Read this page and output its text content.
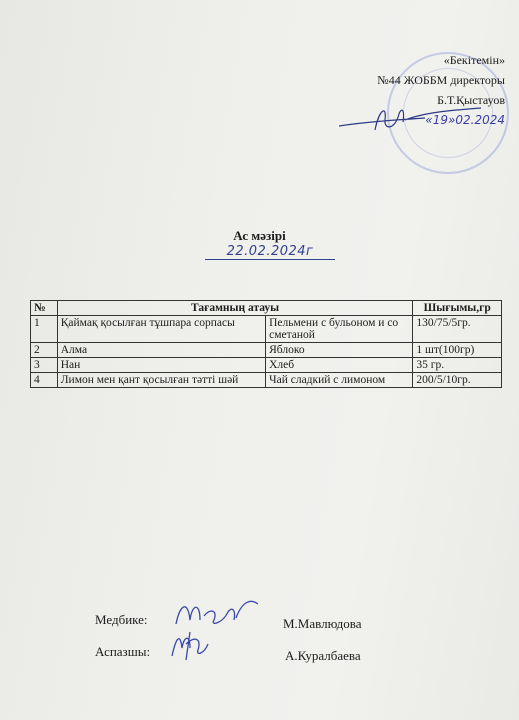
«Бекітемін»
№44 ЖОББМ директоры
Б.Т.Қыстауов
«19»02.2024
Ас мәзірі
22.02.2024г
№	Тағамның атауы		Шығымы,гр
1	Қаймақ қосылған тұшпара сорпасы	Пельмени с бульоном и со сметаной	130/75/5гр.
2	Алма	Яблоко	1 шт(100гр)
3	Нан	Хлеб	35 гр.
4	Лимон мен қант қосылған тәтті шәй	Чай сладкий с лимоном	200/5/10гр.
Медбике:	М.Мавлюдова
Аспазшы:	А.Куралбаева
